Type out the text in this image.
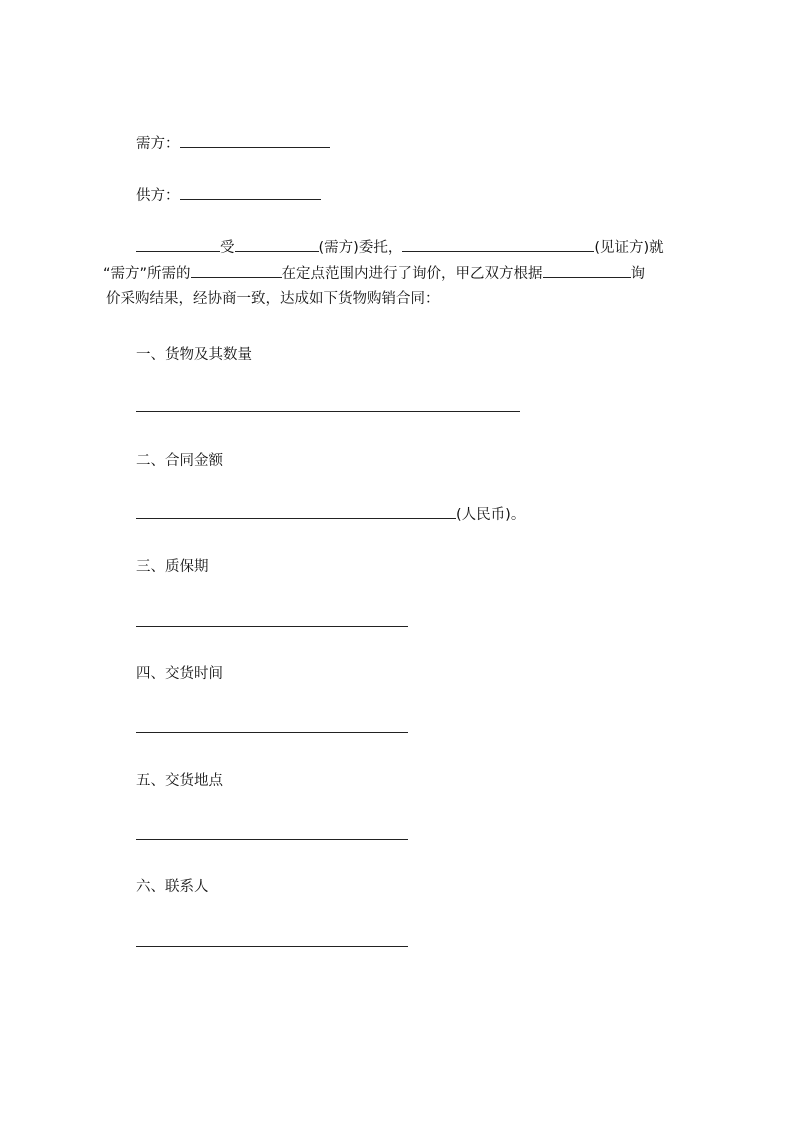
需方：
供方：
受	(需方)委托，	(见证方)就
“需方”所需的	在定点范围内进行了询价，甲乙双方根据	询
价采购结果，经协商一致，达成如下货物购销合同：
一、货物及其数量
二、合同金额
(人民币)。
三、质保期
四、交货时间
五、交货地点
六、联系人
